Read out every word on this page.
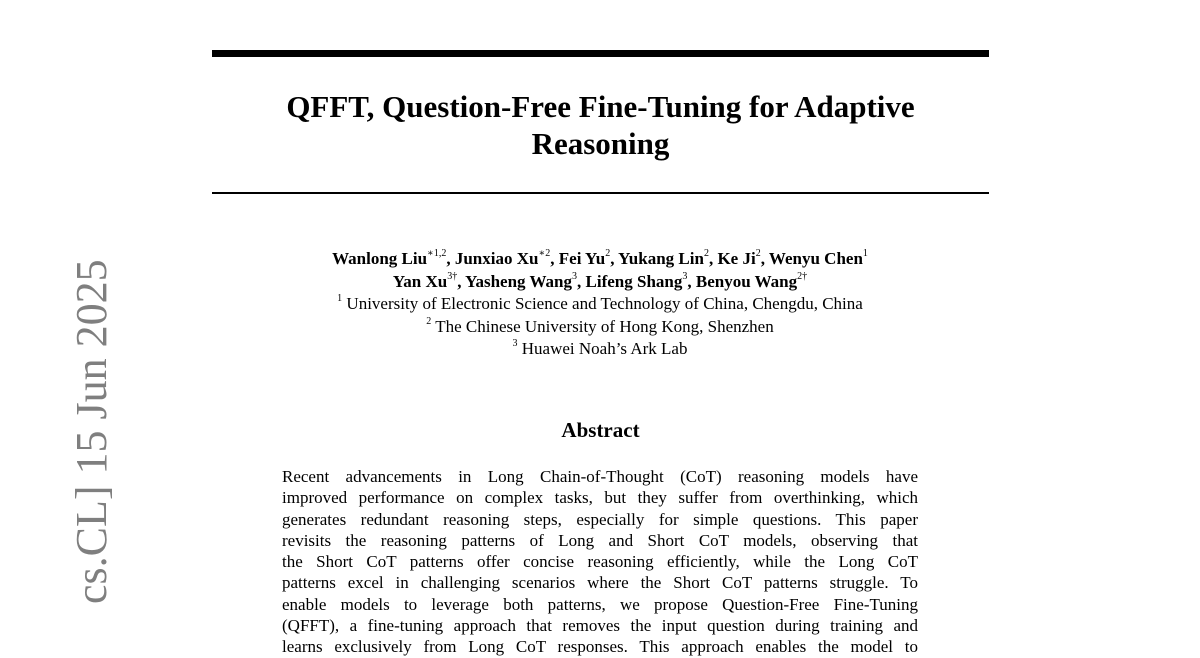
QFFT, Question-Free Fine-Tuning for Adaptive
Reasoning
Wanlong Liu$^{∗1,2}$, Junxiao $Xu^{∗2}$, Fei Yu$^2$, Yukang Lin$^2$, Ke Ji$^2$, Wenyu Chen$^1$
Yan $Xu^{3\dagger}$, Yasheng Wang$^3$, Lifeng Shang$^3$, Benyou Wang$^{2\dagger}$
$^1$ University of Electronic Science and Technology of China, Chengdu, China
$^2$ The Chinese University of Hong Kong, Shenzhen
$^3$ Huawei Noah’s Ark Lab
Abstract
Recent advancements in Long Chain-of-Thought (CoT) reasoning models have
improved performance on complex tasks, but they suffer from overthinking, which
generates redundant reasoning steps, especially for simple questions. This paper
revisits the reasoning patterns of Long and Short CoT models, observing that
the Short CoT patterns offer concise reasoning efficiently, while the Long CoT
patterns excel in challenging scenarios where the Short CoT patterns struggle. To
enable models to leverage both patterns, we propose Question-Free Fine-Tuning
(QFFT), a fine-tuning approach that removes the input question during training and
learns exclusively from Long CoT responses. This approach enables the model to
cs.CL] 15 Jun 2025
